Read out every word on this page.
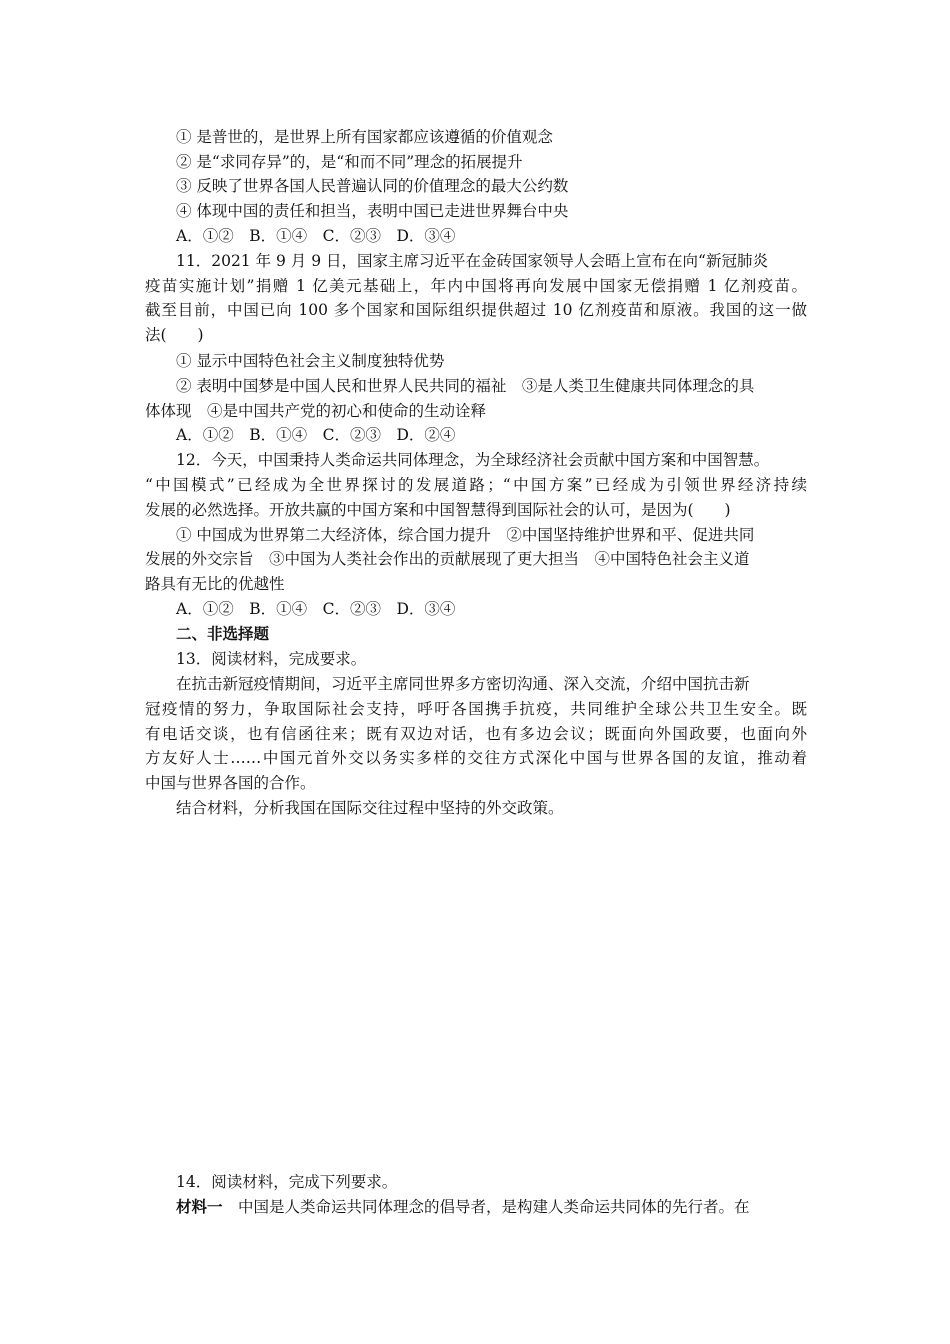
① 是普世的，是世界上所有国家都应该遵循的价值观念
② 是“求同存异”的，是“和而不同”理念的拓展提升
③ 反映了世界各国人民普遍认同的价值理念的最大公约数
④ 体现中国的责任和担当，表明中国已走进世界舞台中央
A．①②　B．①④　C．②③　D．③④
11．2021 年 9 月 9 日，国家主席习近平在金砖国家领导人会晤上宣布在向“新冠肺炎
疫苗实施计划”捐赠 1 亿美元基础上，年内中国将再向发展中国家无偿捐赠 1 亿剂疫苗。
截至目前，中国已向 100 多个国家和国际组织提供超过 10 亿剂疫苗和原液。我国的这一做
法(　　)
① 显示中国特色社会主义制度独特优势
② 表明中国梦是中国人民和世界人民共同的福祉　③是人类卫生健康共同体理念的具
体体现　④是中国共产党的初心和使命的生动诠释
A．①②　B．①④　C．②③　D．②④
12．今天，中国秉持人类命运共同体理念，为全球经济社会贡献中国方案和中国智慧。
“中国模式”已经成为全世界探讨的发展道路；“中国方案”已经成为引领世界经济持续
发展的必然选择。开放共赢的中国方案和中国智慧得到国际社会的认可，是因为(　　)
① 中国成为世界第二大经济体，综合国力提升　②中国坚持维护世界和平、促进共同
发展的外交宗旨　③中国为人类社会作出的贡献展现了更大担当　④中国特色社会主义道
路具有无比的优越性
A．①②　B．①④　C．②③　D．③④
二、非选择题
13．阅读材料，完成要求。
在抗击新冠疫情期间，习近平主席同世界多方密切沟通、深入交流，介绍中国抗击新
冠疫情的努力，争取国际社会支持，呼吁各国携手抗疫，共同维护全球公共卫生安全。既
有电话交谈，也有信函往来；既有双边对话，也有多边会议；既面向外国政要，也面向外
方友好人士……中国元首外交以务实多样的交往方式深化中国与世界各国的友谊，推动着
中国与世界各国的合作。
结合材料，分析我国在国际交往过程中坚持的外交政策。
14．阅读材料，完成下列要求。
材料一　中国是人类命运共同体理念的倡导者，是构建人类命运共同体的先行者。在
